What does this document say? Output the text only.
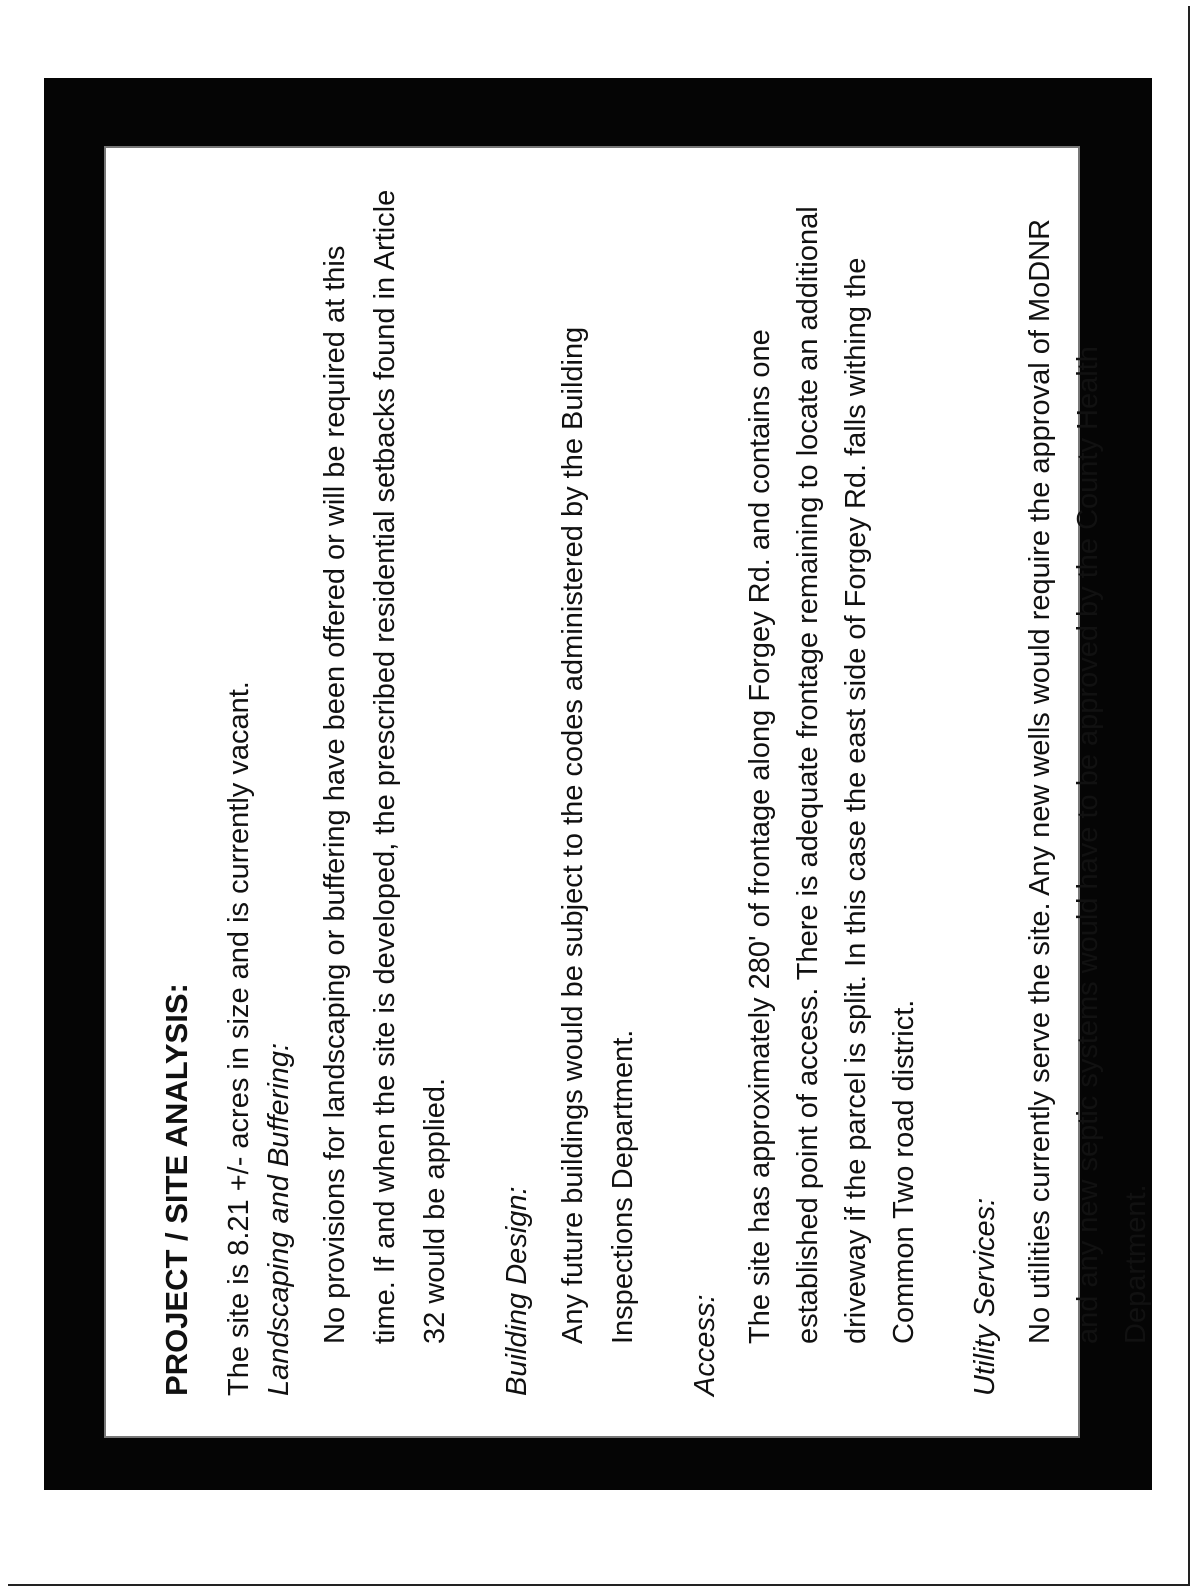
PROJECT / SITE ANALYSIS: The site is 8.21 +/- acres in size and is currently vacant. Landscaping and Buffering: No provisions for landscaping or buffering have been offered or will be required at this time. If and when the site is developed, the prescribed residential setbacks found in Article 32 would be applied.	Building Design: Any future buildings would be subject to the codes administered by the Building Inspections Department.
Access:
The site has approximately 280' of frontage along Forgey Rd. and contains one established point of access. There is adequate frontage remaining to locate an additional driveway if the parcel is split. In this case the east side of Forgey Rd. falls withing the Common Two road district. Utility Services: No utilities currently serve the site. Any new wells would require the approval of MoDNR and any new septic systems would have to be approved by the County Health Department.
